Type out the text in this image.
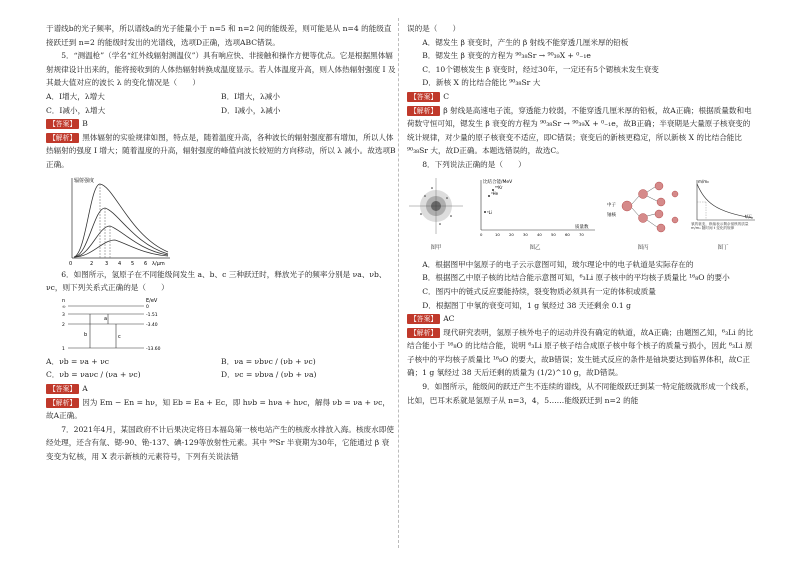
于谱线b的光子频率，所以谱线a的光子能量小于 n=5 和 n=2 间的能级差，则可能是从 n=4 的能级直接跃迁到 n=2 的能级时发出的光谱线，选项D正确，选项ABC错误。

5．“测温枪”（学名“红外线辐射测温仪”）具有响应快、非接触和操作方便等优点。它是根据黑体辐射规律设计出来的，能将接收到的人体热辐射转换成温度显示。若人体温度升高，则人体热辐射强度 I 及其最大值对应的波长 λ 的变化情况是（　　）

A．I增大，λ增大	B．I增大，λ减小
C．I减小，λ增大	D．I减小，λ减小

【答案】 B

【解析】 黑体辐射的实验规律如图，特点是，随着温度升高，各种波长的辐射强度都有增加，所以人体热辐射的强度 I 增大；随着温度的升高，辐射强度的峰值向波长较短的方向移动，所以 λ 减小。故选项B正确。

辐射强度
λ/μm
0	2 3 4 5 6

6．如图所示，氢原子在不同能级间发生 a、b、c 三种跃迁时，释放光子的频率分别是 νa、νb、νc，则下列关系式正确的是（　　）

n	E/eV
∞	0
3	-1.51
2	-3.40
1	-13.60
a
b	c
A．νb = νa + νc	B．νa = νbνc / (νb + νc)
C．νb = νaνc / (νa + νc)	D．νc = νbνa / (νb + νa)

【答案】 A

【解析】 因为 Em − En = hν，知 Eb = Ea + Ec，即 hνb = hνa + hνc，解得 νb = νa + νc，故A正确。

7．2021年4月，某国政府不计后果决定将日本福岛第一核电站产生的核废水排放入海。核废水即使经处理，还含有氚、锶-90、铯-137、碘-129等放射性元素。其中 ⁹⁰Sr 半衰期为30年，它能通过 β 衰变变为钇核，用 X 表示新核的元素符号，下列有关说法错

误的是（　　）

A．锶发生 β 衰变时，产生的 β 射线不能穿透几厘米厚的铅板

B．锶发生 β 衰变的方程为 ⁹⁰₃₈Sr → ⁹⁰₃₉X + ⁰₋₁e

C．10个锶核发生 β 衰变时，经过30年，一定还有5个锶核未发生衰变

D．新核 X 的比结合能比 ⁹⁰₃₈Sr 大

【答案】 C

【解析】 β 射线是高速电子流，穿透能力较弱，不能穿透几厘米厚的铅板，故A正确；根据质量数和电荷数守恒可知，锶发生 β 衰变的方程为 ⁹⁰₃₈Sr → ⁹⁰₃₉X + ⁰₋₁e，故B正确；半衰期是大量原子核衰变的统计规律，对少量的原子核衰变不适应，即C错误；衰变后的新核更稳定，所以新核 X 的比结合能比 ⁹⁰₃₈Sr 大，故D正确。本题选错误的，故选C。

8．下列说法正确的是（　　）

图甲
比结合能/MeV
质量数
⁴He
⁶Li
⁸⁹Kr
0	10 20 30 40 50 60 70
图乙
中子
铀核
图丙
m/m₀
t/天
氡的衰变，纵轴表示剩余氡核的质量 m/m₀ 随时间 t 变化的规律
图丁

A．根据图甲中氢原子的电子云示意图可知，玻尔理论中的电子轨道是实际存在的

B．根据图乙中原子核的比结合能示意图可知，⁶₃Li 原子核中的平均核子质量比 ¹⁶₈O 的要小

C．图丙中的链式反应要能持续，裂变物质必须具有一定的体积或质量

D．根据图丁中氡的衰变可知，1 g 氡经过 38 天还剩余 0.1 g

【答案】 AC

【解析】 现代研究表明，氢原子核外电子的运动并没有确定的轨道，故A正确；由题图乙知，⁶₃Li 的比结合能小于 ¹⁶₈O 的比结合能，说明 ⁶₃Li 原子核子结合成原子核中每个核子的质量亏损小，因此 ⁶₃Li 原子核中的平均核子质量比 ¹⁶₈O 的要大，故B错误；发生链式反应的条件是铀块要达到临界体积，故C正确；1 g 氡经过 38 天后还剩的质量为 (1/2)^10 g，故D错误。

9．如图所示，能级间的跃迁产生不连续的谱线，从不同能级跃迁到某一特定能级就形成一个线系，比如，巴耳末系就是氢原子从 n=3，4，5……能级跃迁到 n=2 的能
